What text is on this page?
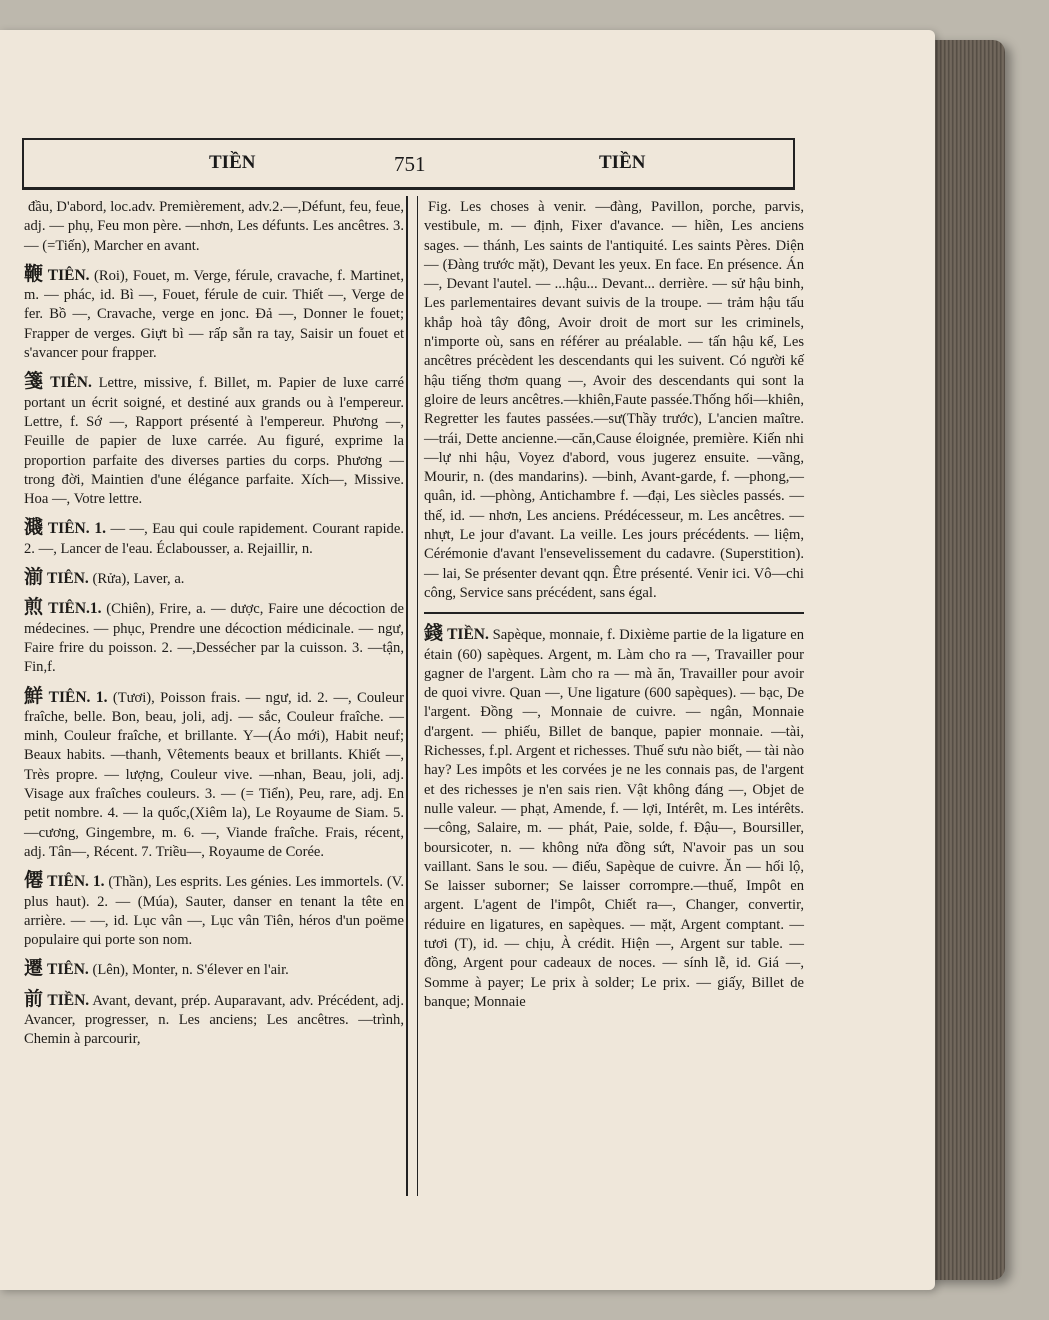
TIỀN	751	TIỀN

đầu, D'abord, loc.adv. Premièrement, adv.2.—,Défunt, feu, feue, adj. — phụ, Feu mon père. —nhơn, Les défunts. Les ancêtres. 3. — (=Tiến), Marcher en avant.

鞭 TIÊN. (Roi), Fouet, m. Verge, férule, cravache, f. Martinet, m. — phác, id. Bì —, Fouet, férule de cuir. Thiết —, Verge de fer. Bồ —, Cravache, verge en jonc. Đả —, Donner le fouet; Frapper de verges. Giựt bì — rấp sẵn ra tay, Saisir un fouet et s'avancer pour frapper.

箋 TIÊN. Lettre, missive, f. Billet, m. Papier de luxe carré portant un écrit soigné, et destiné aux grands ou à l'empereur. Lettre, f. Sớ —, Rapport présenté à l'empereur. Phương —, Feuille de papier de luxe carrée. Au figuré, exprime la proportion parfaite des diverses parties du corps. Phương — trong đời, Maintien d'une élégance parfaite. Xích—, Missive. Hoa —, Votre lettre.

濺 TIÊN. 1. — —, Eau qui coule rapidement. Courant rapide. 2. —, Lancer de l'eau. Éclabousser, a. Rejaillir, n.

湔 TIÊN. (Rửa), Laver, a.

煎 TIÊN.1. (Chiên), Frire, a. — dược, Faire une décoction de médecines. — phục, Prendre une décoction médicinale. — ngư, Faire frire du poisson. 2. —,Dessécher par la cuisson. 3. —tận, Fin,f.

鮮 TIÊN. 1. (Tươi), Poisson frais. — ngư, id. 2. —, Couleur fraîche, belle. Bon, beau, joli, adj. — sắc, Couleur fraîche. — minh, Couleur fraîche, et brillante. Y—(Áo mới), Habit neuf; Beaux habits. —thanh, Vêtements beaux et brillants. Khiết —, Très propre. — lượng, Couleur vive. —nhan, Beau, joli, adj. Visage aux fraîches couleurs. 3. — (= Tiển), Peu, rare, adj. En petit nombre. 4. — la quốc,(Xiêm la), Le Royaume de Siam. 5. —cương, Gingembre, m. 6. —, Viande fraîche. Frais, récent, adj. Tân—, Récent. 7. Triều—, Royaume de Corée.

僊 TIÊN. 1. (Thần), Les esprits. Les génies. Les immortels. (V. plus haut). 2. — (Múa), Sauter, danser en tenant la tête en arrière. — —, id. Lục vân —, Lục vân Tiên, héros d'un poëme populaire qui porte son nom.

遷 TIÊN. (Lên), Monter, n. S'élever en l'air.

前 TIỀN. Avant, devant, prép. Auparavant, adv. Précédent, adj. Avancer, progresser, n. Les anciens; Les ancêtres. —trình, Chemin à parcourir,

Fig. Les choses à venir. —đàng, Pavillon, porche, parvis, vestibule, m. — định, Fixer d'avance. — hiền, Les anciens sages. — thánh, Les saints de l'antiquité. Les saints Pères. Diện — (Đàng trước mặt), Devant les yeux. En face. En présence. Án —, Devant l'autel. — ...hậu... Devant... derrière. — sử hậu binh, Les parlementaires devant suivis de la troupe. — trảm hậu tấu khắp hoà tây đông, Avoir droit de mort sur les criminels, n'importe où, sans en référer au préalable. — tấn hậu kế, Les ancêtres précèdent les descendants qui les suivent. Có người kế hậu tiếng thơm quang —, Avoir des descendants qui sont la gloire de leurs ancêtres.—khiên,Faute passée.Thống hối—khiên, Regretter les fautes passées.—sư(Thầy trước), L'ancien maître.—trái, Dette ancienne.—căn,Cause éloignée, première. Kiến nhi—lự nhi hậu, Voyez d'abord, vous jugerez ensuite. —vãng, Mourir, n. (des mandarins). —binh, Avant-garde, f. —phong,—quân, id. —phòng, Antichambre f. —đại, Les siècles passés. — thế, id. — nhơn, Les anciens. Prédécesseur, m. Les ancêtres. — nhựt, Le jour d'avant. La veille. Les jours précédents. — liệm, Cérémonie d'avant l'ensevelissement du cadavre. (Superstition). — lai, Se présenter devant qqn. Être présenté. Venir ici. Vô—chi công, Service sans précédent, sans égal.

錢 TIỀN. Sapèque, monnaie, f. Dixième partie de la ligature en étain (60) sapèques. Argent, m. Làm cho ra —, Travailler pour gagner de l'argent. Làm cho ra — mà ăn, Travailler pour avoir de quoi vivre. Quan —, Une ligature (600 sapèques). — bạc, De l'argent. Đồng —, Monnaie de cuivre. — ngân, Monnaie d'argent. — phiếu, Billet de banque, papier monnaie. —tài, Richesses, f.pl. Argent et richesses. Thuế sưu nào biết, — tài nào hay? Les impôts et les corvées je ne les connais pas, de l'argent et des richesses je n'en sais rien. Vật không đáng —, Objet de nulle valeur. — phạt, Amende, f. — lợi, Intérêt, m. Les intérêts. —công, Salaire, m. — phát, Paie, solde, f. Đậu—, Boursiller, boursicoter, n. — không nửa đồng sứt, N'avoir pas un sou vaillant. Sans le sou. — điếu, Sapèque de cuivre. Ăn — hối lộ, Se laisser suborner; Se laisser corrompre.—thuế, Impôt en argent. L'agent de l'impôt, Chiết ra—, Changer, convertir, réduire en ligatures, en sapèques. — mặt, Argent comptant. — tươi (T), id. — chịu, À crédit. Hiện —, Argent sur table. — đồng, Argent pour cadeaux de noces. — sính lễ, id. Giá —, Somme à payer; Le prix à solder; Le prix. — giấy, Billet de banque; Monnaie
